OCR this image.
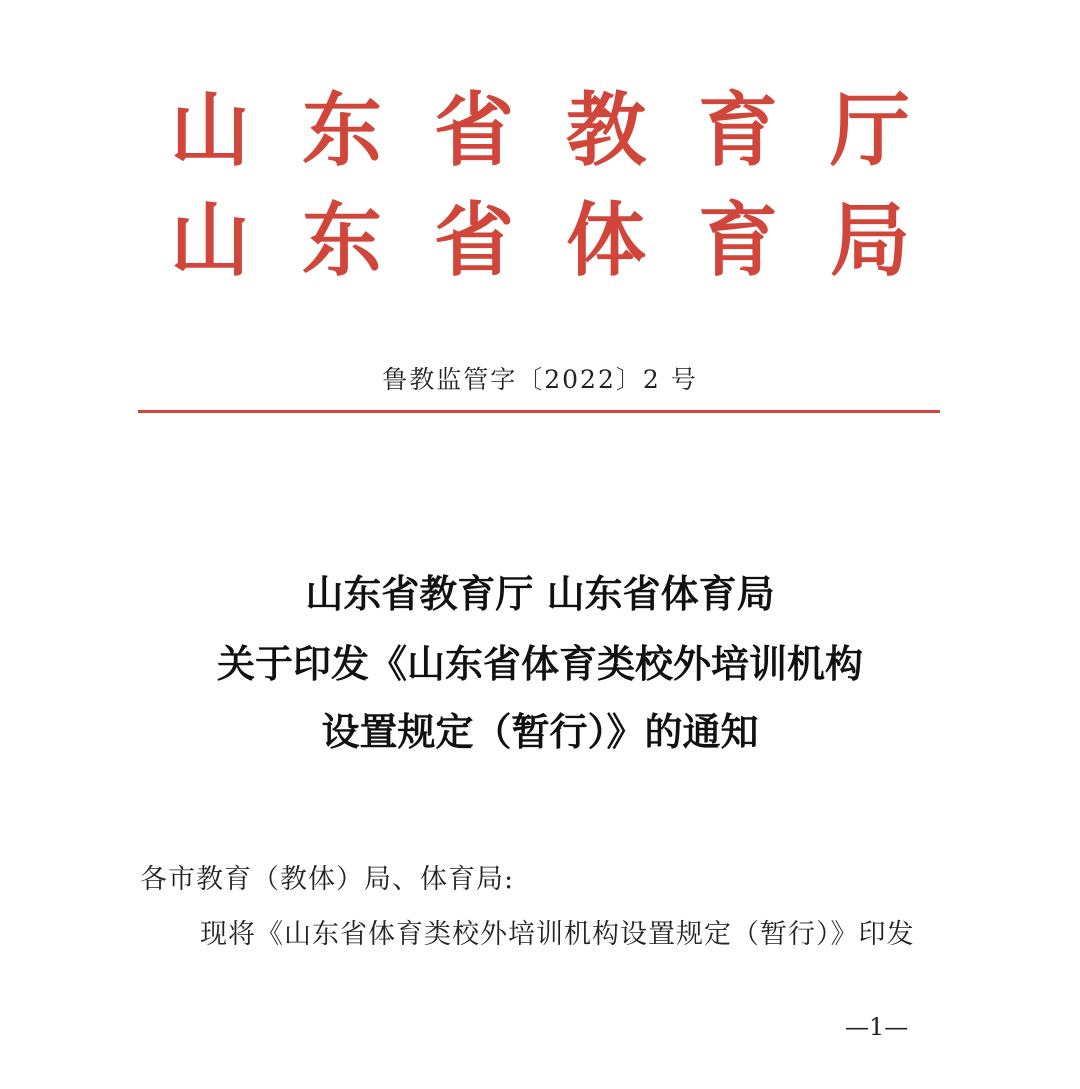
山 东 省 教 育 厅
山 东 省 体 育 局
鲁教监管字〔2022〕2 号
山东省教育厅 山东省体育局
关于印发《山东省体育类校外培训机构
设置规定（暂行）》的通知
各市教育（教体）局、体育局:
现将《山东省体育类校外培训机构设置规定（暂行）》印发
—1—
